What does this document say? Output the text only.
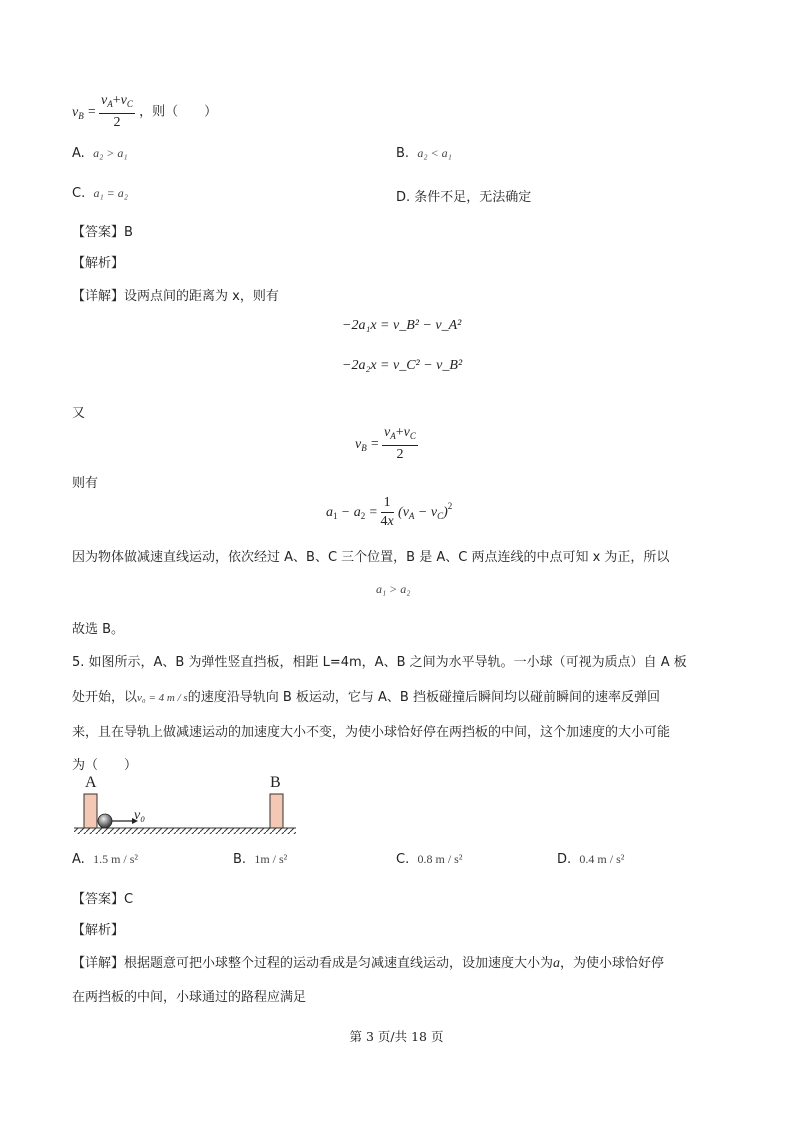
$v_B = \frac{v_A+v_C}{2}$ ，则（　　）
A. a₂ > a₁	B. a₂ < a₁
C. a₁ = a₂	D. 条件不足，无法确定
【答案】B
【解析】
【详解】设两点间的距离为 x，则有
−2a₁x = v_B² − v_A²
−2a₂x = v_C² − v_B²
又
$v_B = \frac{v_A+v_C}{2}$
则有
$a_1 - a_2 = \frac{1}{4x} (v_A - v_C)^2$
因为物体做减速直线运动，依次经过 A、B、C 三个位置，B 是 A、C 两点连线的中点可知 x 为正，所以
a₁ > a₂
故选 B。
5. 如图所示，A、B 为弹性竖直挡板，相距 L=4m，A、B 之间为水平导轨。一小球（可视为质点）自 A 板
处开始，以v₀ = 4 m / s的速度沿导轨向 B 板运动，它与 A、B 挡板碰撞后瞬间均以碰前瞬间的速率反弹回
来，且在导轨上做减速运动的加速度大小不变，为使小球恰好停在两挡板的中间，这个加速度的大小可能
为（　　）
A	B
v₀
A. 1.5 m / s²	B. 1m / s²	C. 0.8 m / s²	D. 0.4 m / s²
【答案】C
【解析】
【详解】根据题意可把小球整个过程的运动看成是匀减速直线运动，设加速度大小为a，为使小球恰好停
在两挡板的中间，小球通过的路程应满足
第 3 页/共 18 页
